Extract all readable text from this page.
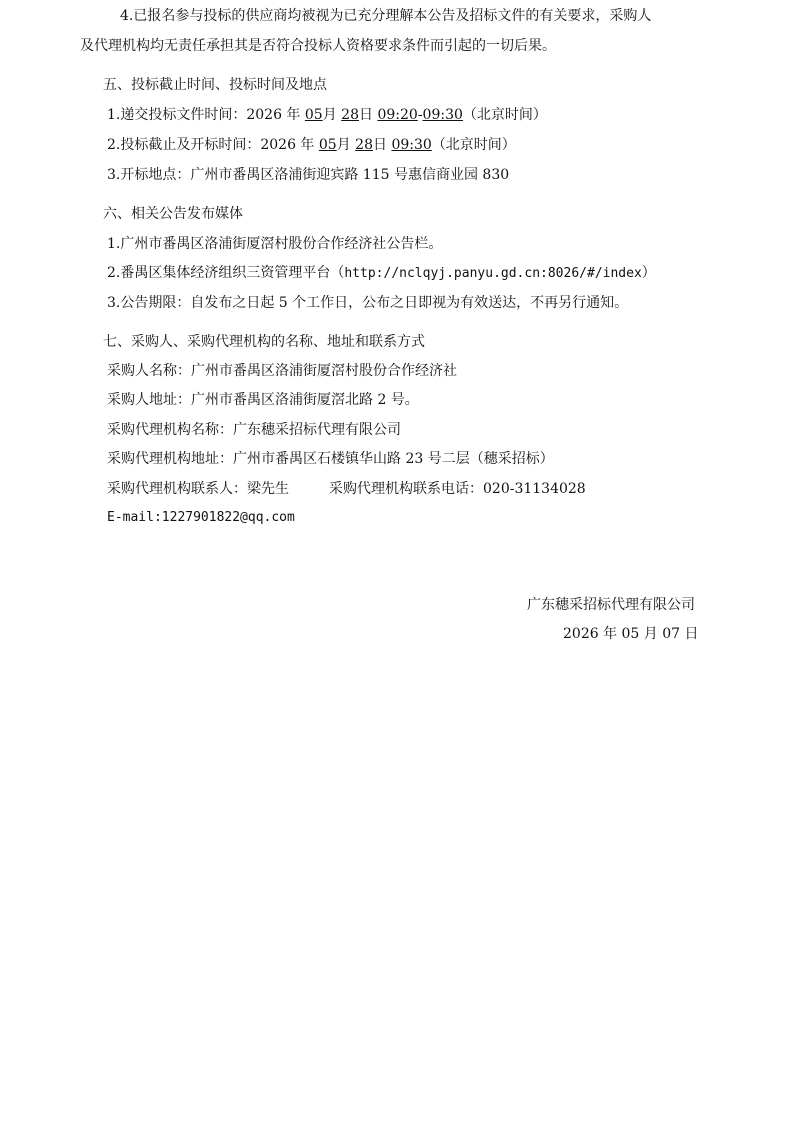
4.已报名参与投标的供应商均被视为已充分理解本公告及招标文件的有关要求，采购人
及代理机构均无责任承担其是否符合投标人资格要求条件而引起的一切后果。
五、投标截止时间、投标时间及地点
1.递交投标文件时间：2026 年 05月 28日 09:20-09:30（北京时间）
2.投标截止及开标时间：2026 年 05月 28日 09:30（北京时间）
3.开标地点：广州市番禺区洛浦街迎宾路 115 号惠信商业园 830
六、相关公告发布媒体
1.广州市番禺区洛浦街厦滘村股份合作经济社公告栏。
2.番禺区集体经济组织三资管理平台（http://nclqyj.panyu.gd.cn:8026/#/index）
3.公告期限：自发布之日起 5 个工作日，公布之日即视为有效送达，不再另行通知。
七、采购人、采购代理机构的名称、地址和联系方式
采购人名称：广州市番禺区洛浦街厦滘村股份合作经济社
采购人地址：广州市番禺区洛浦街厦滘北路 2 号。
采购代理机构名称：广东穗采招标代理有限公司
采购代理机构地址：广州市番禺区石楼镇华山路 23 号二层（穗采招标）
采购代理机构联系人：梁先生	采购代理机构联系电话：020-31134028
E-mail:1227901822@qq.com
广东穗采招标代理有限公司
2026 年 05 月 07 日
